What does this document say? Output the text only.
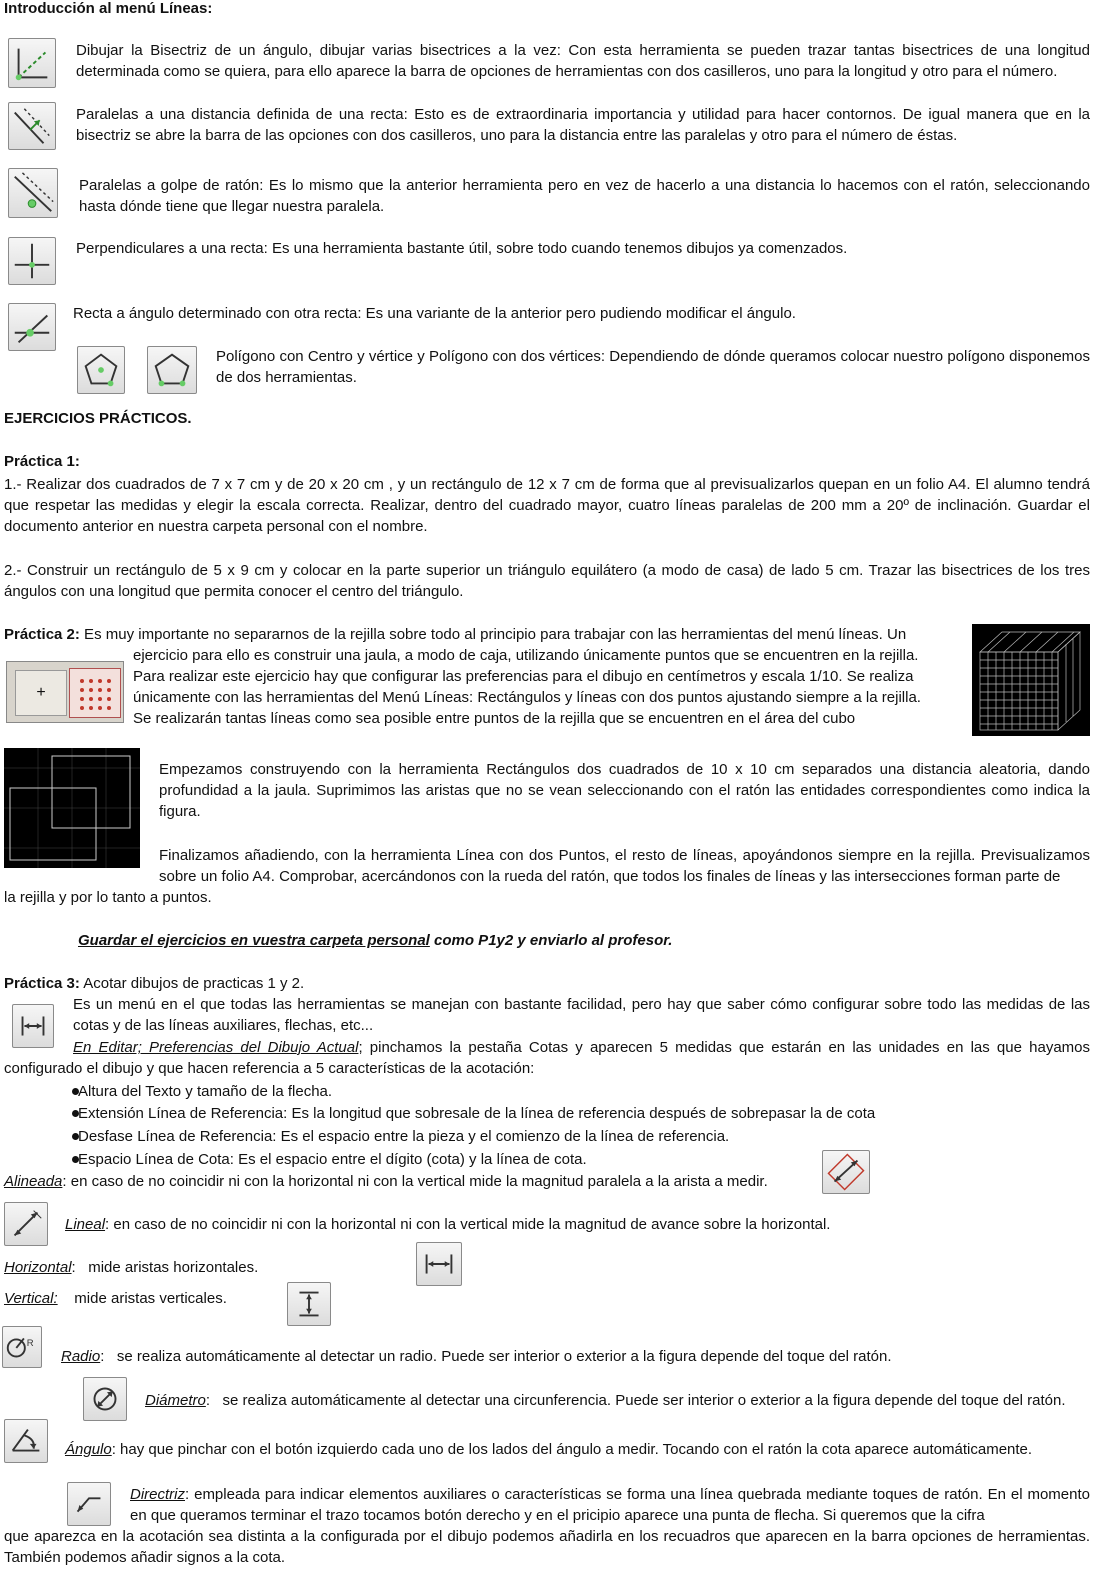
Introducción al menú Líneas:
Dibujar la Bisectriz de un ángulo, dibujar varias bisectrices a la vez: Con esta herramienta se pueden trazar tantas bisectrices de una longitud determinada como se quiera, para ello aparece la barra de opciones de herramientas con dos casilleros, uno para la longitud y otro para el número.
Paralelas a una distancia definida de una recta: Esto es de extraordinaria importancia y utilidad para hacer contornos. De igual manera que en la bisectriz se abre la barra de las opciones con dos casilleros, uno para la distancia entre las paralelas y otro para el número de éstas.
Paralelas a golpe de ratón: Es lo mismo que la anterior herramienta pero en vez de hacerlo a una distancia lo hacemos con el ratón, seleccionando hasta dónde tiene que llegar nuestra paralela.
Perpendiculares a una recta: Es una herramienta bastante útil, sobre todo cuando tenemos dibujos ya comenzados.
Recta a ángulo determinado con otra recta: Es una variante de la anterior pero pudiendo modificar el ángulo.
Polígono con Centro y vértice y Polígono con dos vértices: Dependiendo de dónde queramos colocar nuestro polígono disponemos de dos herramientas.
EJERCICIOS PRÁCTICOS.
Práctica 1:
1.- Realizar dos cuadrados de 7 x 7 cm y de 20 x 20 cm , y un rectángulo de 12 x 7 cm de forma que al previsualizarlos quepan en un folio A4. El alumno tendrá que respetar las medidas y elegir la escala correcta. Realizar, dentro del cuadrado mayor, cuatro líneas paralelas de 200 mm a 20º de inclinación. Guardar el documento anterior en nuestra carpeta personal con el nombre.
2.- Construir un rectángulo de 5 x 9 cm y colocar en la parte superior un triángulo equilátero (a modo de casa) de lado 5 cm. Trazar las bisectrices de los tres ángulos con una longitud que permita conocer el centro del triángulo.
Práctica 2: Es muy importante no separarnos de la rejilla sobre todo al principio para trabajar con las herramientas del menú líneas. Un
ejercicio para ello es construir una jaula, a modo de caja, utilizando únicamente puntos que se encuentren en la rejilla.
Para realizar este ejercicio hay que configurar las preferencias para el dibujo en centímetros y escala 1/10. Se realiza
únicamente con las herramientas del Menú Líneas: Rectángulos y líneas con dos puntos ajustando siempre a la rejilla.
Se realizarán tantas líneas como sea posible entre puntos de la rejilla que se encuentren en el área del cubo
+
Empezamos construyendo con la herramienta Rectángulos dos cuadrados de 10 x 10 cm separados una distancia aleatoria, dando profundidad a la jaula. Suprimimos las aristas que no se vean seleccionando con el ratón las entidades correspondientes como indica la figura.
Finalizamos añadiendo, con la herramienta Línea con dos Puntos, el resto de líneas, apoyándonos siempre en la rejilla. Previsualizamos sobre un folio A4. Comprobar, acercándonos con la rueda del ratón, que todos los finales de líneas y las intersecciones forman parte de
la rejilla y por lo tanto a puntos.
Guardar el ejercicios en vuestra carpeta personal como P1y2 y enviarlo al profesor.
Práctica 3: Acotar dibujos de practicas 1 y 2.
Es un menú en el que todas las herramientas se manejan con bastante facilidad, pero hay que saber cómo configurar sobre todo las medidas de las cotas y de las líneas auxiliares, flechas, etc...
En Editar; Preferencias del Dibujo Actual; pinchamos la pestaña Cotas y aparecen 5 medidas que estarán en las unidades en las que hayamos
configurado el dibujo y que hacen referencia a 5 características de la acotación:
Altura del Texto y tamaño de la flecha.
Extensión Línea de Referencia: Es la longitud que sobresale de la línea de referencia después de sobrepasar la de cota
Desfase Línea de Referencia: Es el espacio entre la pieza y el comienzo de la línea de referencia.
Espacio Línea de Cota: Es el espacio entre el dígito (cota) y la línea de cota.
Alineada: en caso de no coincidir ni con la horizontal ni con la vertical mide la magnitud paralela a la arista a medir.
Lineal: en caso de no coincidir ni con la horizontal ni con la vertical mide la magnitud de avance sobre la horizontal.
Horizontal:   mide aristas horizontales.
Vertical:    mide aristas verticales.
R
Radio:   se realiza automáticamente al detectar un radio. Puede ser interior o exterior a la figura depende del toque del ratón.
Diámetro:   se realiza automáticamente al detectar una circunferencia. Puede ser interior o exterior a la figura depende del toque del ratón.
Ángulo: hay que pinchar con el botón izquierdo cada uno de los lados del ángulo a medir. Tocando con el ratón la cota aparece automáticamente.
Directriz: empleada para indicar elementos auxiliares o características se forma una línea quebrada mediante toques de ratón. En el momento en que queramos terminar el trazo tocamos botón derecho y en el pricipio aparece una punta de flecha. Si queremos que la cifra
que aparezca en la acotación sea distinta a la configurada por el dibujo podemos añadirla en los recuadros que aparecen en la barra opciones de herramientas. También podemos añadir signos a la cota.
